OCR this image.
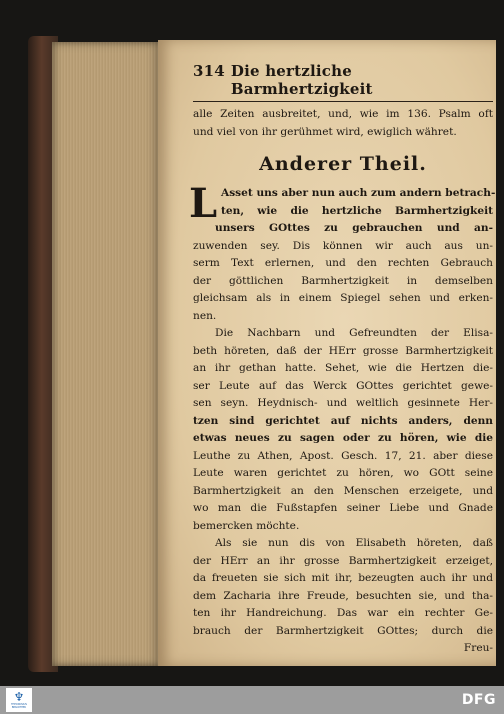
314 Die hertzliche Barmhertzigkeit
alle Zeiten ausbreitet, und, wie im 136. Psalm oft
und viel von ihr gerühmet wird, ewiglich währet.
Anderer Theil.
L Asset uns aber nun auch zum andern betrach-
ten, wie die hertzliche Barmhertzigkeit
unsers GOttes zu gebrauchen und an-
zuwenden sey. Dis können wir auch aus un-
serm Text erlernen, und den rechten Gebrauch
der göttlichen Barmhertzigkeit in demselben
gleichsam als in einem Spiegel sehen und erken-
nen.
Die Nachbarn und Gefreundten der Elisa-
beth höreten, daß der HErr grosse Barmhertzigkeit
an ihr gethan hatte. Sehet, wie die Hertzen die-
ser Leute auf das Werck GOttes gerichtet gewe-
sen seyn. Heydnisch- und weltlich gesinnete Her-
tzen sind gerichtet auf nichts anders, denn
etwas neues zu sagen oder zu hören, wie die
Leuthe zu Athen, Apost. Gesch. 17, 21. aber diese
Leute waren gerichtet zu hören, wo GOtt seine
Barmhertzigkeit an den Menschen erzeigete, und
wo man die Fußstapfen seiner Liebe und Gnade
bemercken möchte.
Als sie nun dis von Elisabeth höreten, daß
der HErr an ihr grosse Barmhertzigkeit erzeiget,
da freueten sie sich mit ihr, bezeugten auch ihr und
dem Zacharia ihre Freude, besuchten sie, und tha-
ten ihr Handreichung. Das war ein rechter Ge-
brauch der Barmhertzigkeit GOttes; durch die
Freu-
♆
THEODOSIUS BIBLIOTHEK	DFG
